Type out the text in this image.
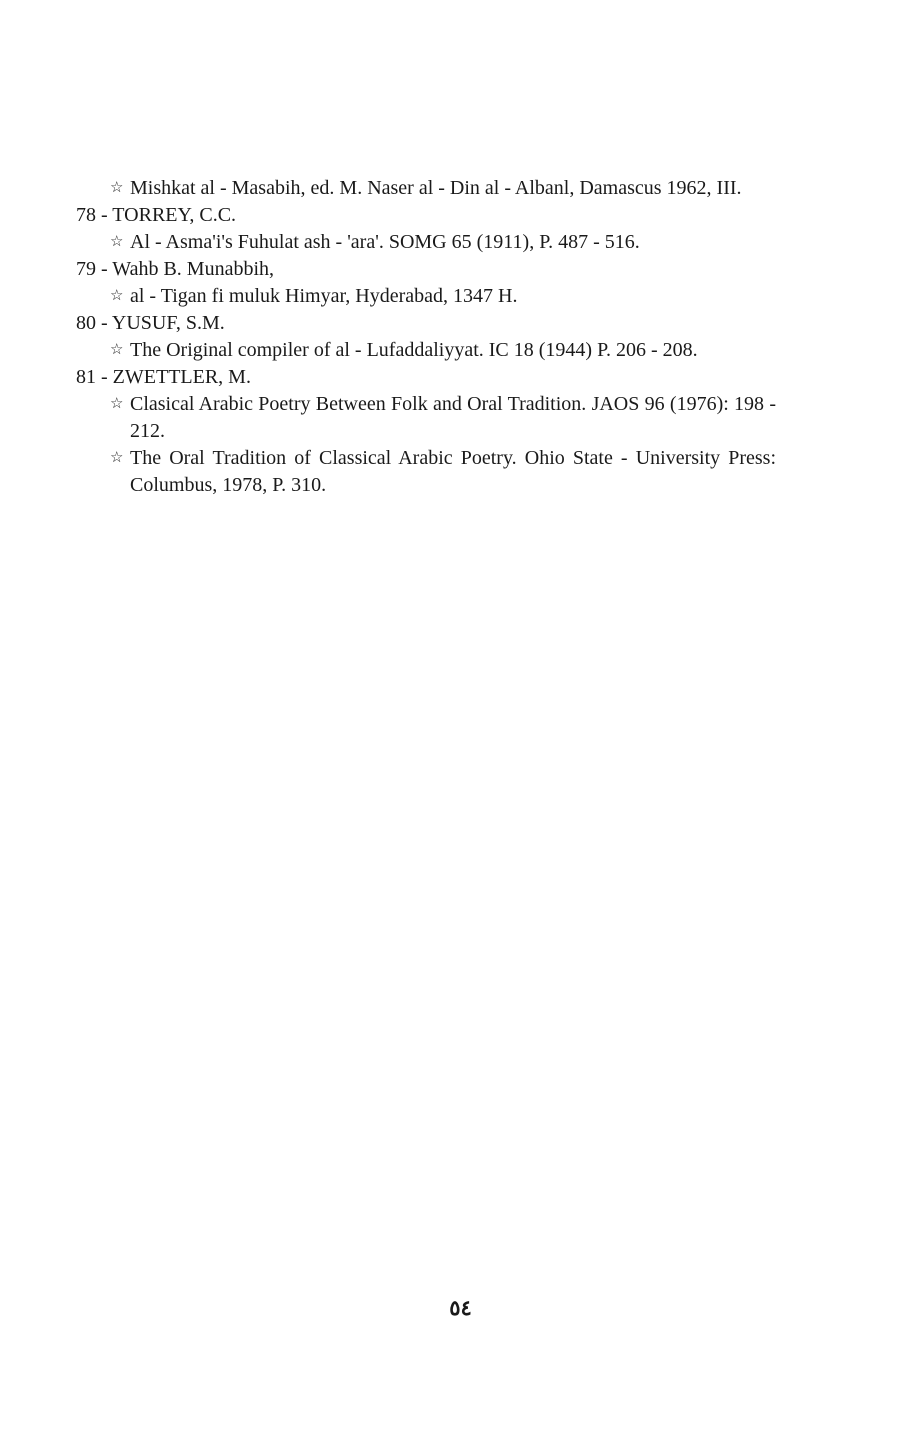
☆ Mishkat al - Masabih, ed. M. Naser al - Din al - Albanl, Damascus 1962, III.

78 - TORREY, C.C.

☆ Al - Asma'i's Fuhulat ash - 'ara'. SOMG 65 (1911), P. 487 - 516.

79 - Wahb B. Munabbih,

☆ al - Tigan fi muluk Himyar, Hyderabad, 1347 H.

80 - YUSUF, S.M.

☆ The Original compiler of al - Lufaddaliyyat. IC 18 (1944) P. 206 - 208.

81 - ZWETTLER, M.

☆ Clasical Arabic Poetry Between Folk and Oral Tradition. JAOS 96 (1976): 198 - 212.

☆ The Oral Tradition of Classical Arabic Poetry. Ohio State - University Press: Columbus, 1978, P. 310.

٥٤
